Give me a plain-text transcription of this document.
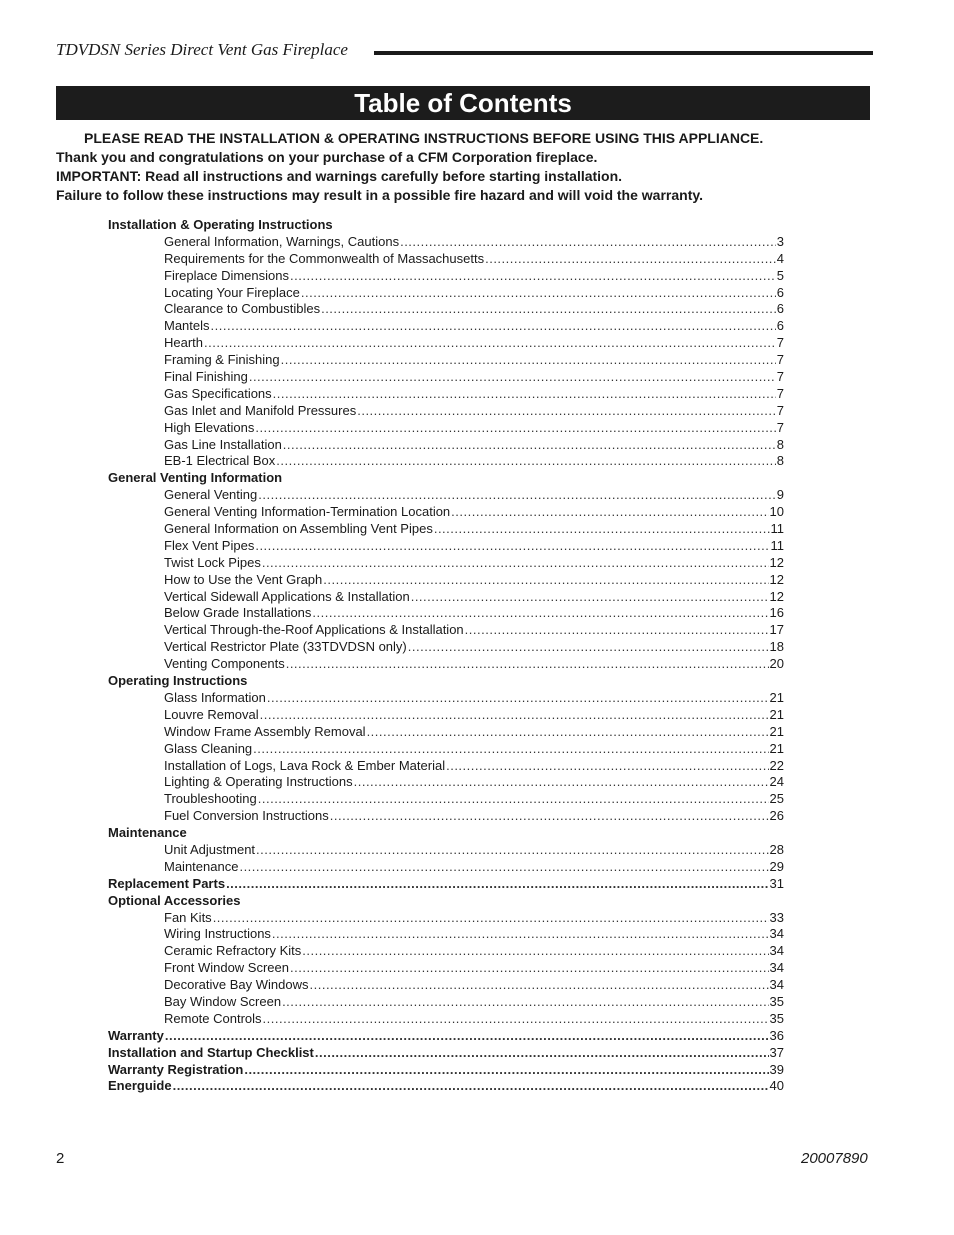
TDVDSN Series Direct Vent Gas Fireplace
Table of Contents
PLEASE READ THE INSTALLATION & OPERATING INSTRUCTIONS BEFORE USING THIS APPLIANCE.
Thank you and congratulations on your purchase of a CFM Corporation fireplace.
IMPORTANT: Read all instructions and warnings carefully before starting installation.
Failure to follow these instructions may result in a possible fire hazard and will void the warranty.
Installation & Operating Instructions
General Information, Warnings, Cautions .....	3
Requirements for the Commonwealth of Massachusetts .....	4
Fireplace Dimensions .....	5
Locating Your Fireplace .....	6
Clearance to Combustibles .....	6
Mantels .....	6
Hearth .....	7
Framing & Finishing .....	7
Final Finishing .....	7
Gas Specifications .....	7
Gas Inlet and Manifold Pressures .....	7
High Elevations .....	7
Gas Line Installation .....	8
EB-1 Electrical Box .....	8
General Venting Information
General Venting .....	9
General Venting Information-Termination Location .....	10
General Information on Assembling Vent Pipes .....	11
Flex Vent Pipes .....	11
Twist Lock Pipes .....	12
How to Use the Vent Graph .....	12
Vertical Sidewall Applications & Installation .....	12
Below Grade Installations .....	16
Vertical Through-the-Roof Applications & Installation .....	17
Vertical Restrictor Plate (33TDVDSN only) .....	18
Venting Components .....	20
Operating Instructions
Glass Information .....	21
Louvre Removal .....	21
Window Frame Assembly Removal .....	21
Glass Cleaning .....	21
Installation of Logs, Lava Rock & Ember Material .....	22
Lighting & Operating Instructions .....	24
Troubleshooting .....	25
Fuel Conversion Instructions .....	26
Maintenance
Unit Adjustment .....	28
Maintenance .....	29
Replacement Parts .....	31
Optional Accessories
Fan Kits .....	33
Wiring Instructions .....	34
Ceramic Refractory Kits .....	34
Front Window Screen .....	34
Decorative Bay Windows .....	34
Bay Window Screen .....	35
Remote Controls .....	35
Warranty .....	36
Installation and Startup Checklist .....	37
Warranty Registration .....	39
Energuide .....	40
2	20007890
